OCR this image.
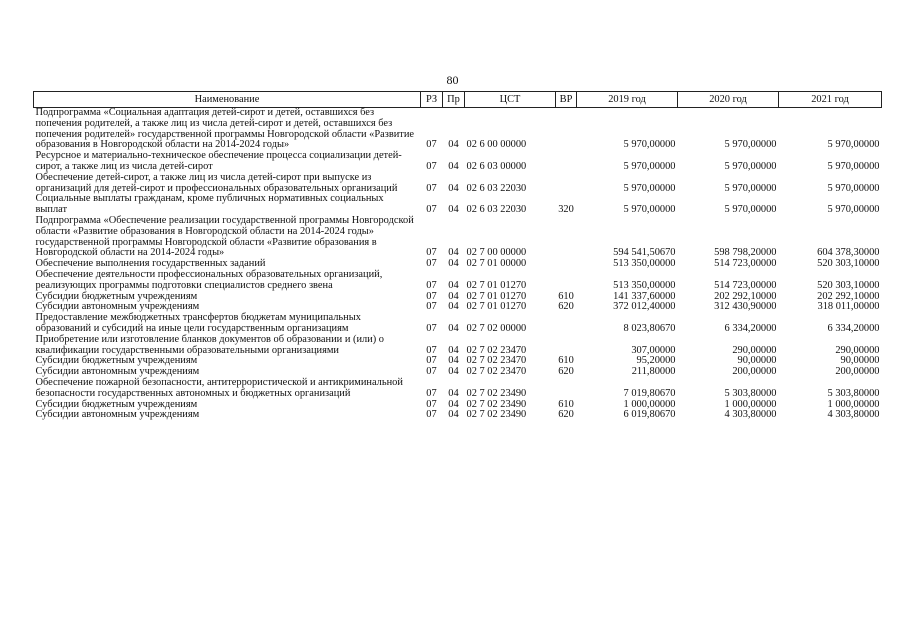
80
Наименование	РЗ	Пр	ЦСТ	ВР	2019 год	2020 год	2021 год
Подпрограмма «Социальная адаптация детей-сирот и детей, оставшихся без попечения родителей, а также лиц из числа детей-сирот и детей, оставшихся без попечения родителей» государственной программы Новгородской области «Развитие образования в Новгородской области на 2014-2024 годы»	07	04	02 6 00 00000		5 970,00000	5 970,00000	5 970,00000
Ресурсное и материально-техническое обеспечение процесса социализации детей-сирот, а также лиц из числа детей-сирот	07	04	02 6 03 00000		5 970,00000	5 970,00000	5 970,00000
Обеспечение детей-сирот, а также лиц из числа детей-сирот при выпуске из организаций для детей-сирот и профессиональных образовательных организаций	07	04	02 6 03 22030		5 970,00000	5 970,00000	5 970,00000
Социальные выплаты гражданам, кроме публичных нормативных социальных выплат	07	04	02 6 03 22030	320	5 970,00000	5 970,00000	5 970,00000
Подпрограмма «Обеспечение реализации государственной программы Новгородской области «Развитие образования в Новгородской области на 2014-2024 годы» государственной программы Новгородской области «Развитие образования в Новгородской области на 2014-2024 годы»	07	04	02 7 00 00000		594 541,50670	598 798,20000	604 378,30000
Обеспечение выполнения государственных заданий	07	04	02 7 01 00000		513 350,00000	514 723,00000	520 303,10000
Обеспечение деятельности профессиональных образовательных организаций, реализующих программы подготовки специалистов среднего звена	07	04	02 7 01 01270		513 350,00000	514 723,00000	520 303,10000
Субсидии бюджетным учреждениям	07	04	02 7 01 01270	610	141 337,60000	202 292,10000	202 292,10000
Субсидии автономным учреждениям	07	04	02 7 01 01270	620	372 012,40000	312 430,90000	318 011,00000
Предоставление межбюджетных трансфертов бюджетам муниципальных образований и субсидий на иные цели государственным организациям	07	04	02 7 02 00000		8 023,80670	6 334,20000	6 334,20000
Приобретение или изготовление бланков документов об образовании и (или) о квалификации государственными образовательными организациями	07	04	02 7 02 23470		307,00000	290,00000	290,00000
Субсидии бюджетным учреждениям	07	04	02 7 02 23470	610	95,20000	90,00000	90,00000
Субсидии автономным учреждениям	07	04	02 7 02 23470	620	211,80000	200,00000	200,00000
Обеспечение пожарной безопасности, антитеррористической и антикриминальной безопасности государственных автономных и бюджетных организаций	07	04	02 7 02 23490		7 019,80670	5 303,80000	5 303,80000
Субсидии бюджетным учреждениям	07	04	02 7 02 23490	610	1 000,00000	1 000,00000	1 000,00000
Субсидии автономным учреждениям	07	04	02 7 02 23490	620	6 019,80670	4 303,80000	4 303,80000
